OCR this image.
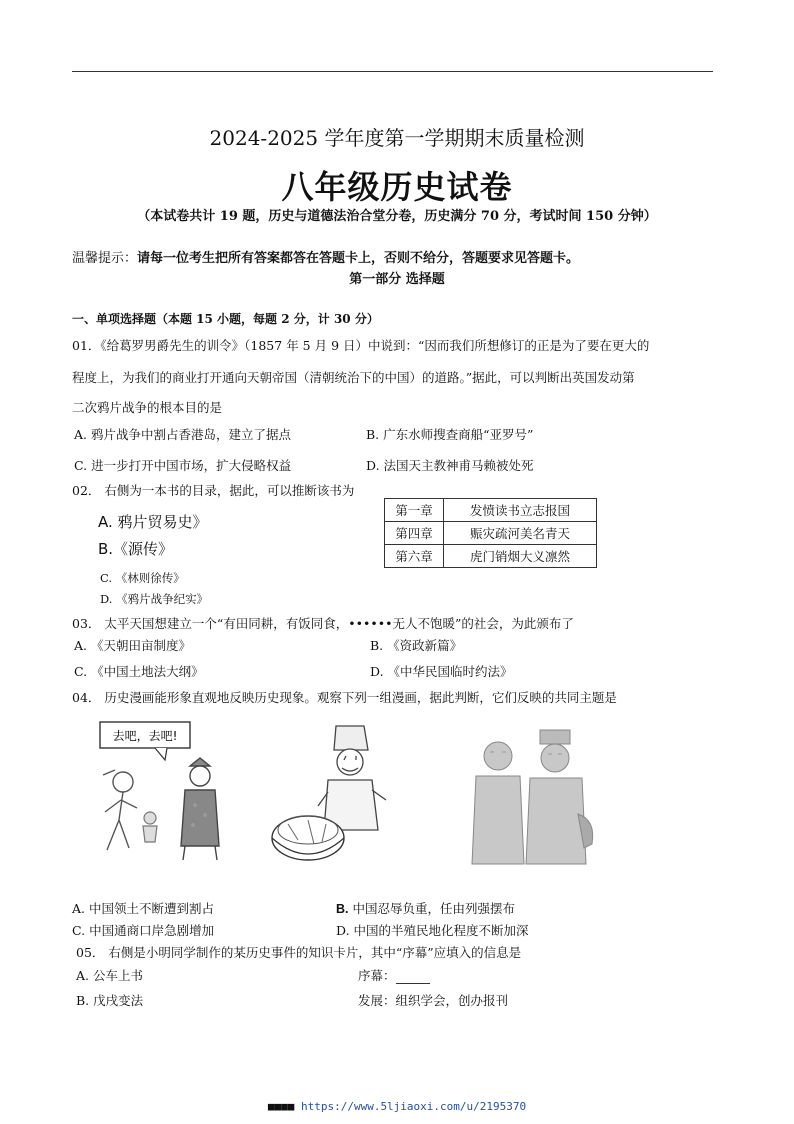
2024-2025 学年度第一学期期末质量检测
八年级历史试卷
（本试卷共计 19 题，历史与道德法治合堂分卷，历史满分 70 分，考试时间 150 分钟）
温馨提示：请每一位考生把所有答案都答在答题卡上，否则不给分，答题要求见答题卡。
第一部分 选择题
一、单项选择题（本题 15 小题，每题 2 分，计 30 分）
01．《给葛罗男爵先生的训令》（1857 年 5 月 9 日）中说到：“因而我们所想修订的正是为了要在更大的
程度上，为我们的商业打开通向天朝帝国（清朝统治下的中国）的道路。”据此，可以判断出英国发动第
二次鸦片战争的根本目的是
A. 鸦片战争中割占香港岛，建立了据点	B. 广东水师搜查商船“亚罗号”
C. 进一步打开中国市场，扩大侵略权益	D. 法国天主教神甫马赖被处死
02． 右侧为一本书的目录，据此，可以推断该书为
A. 鸦片贸易史》
B.《源传》
C. 《林则徐传》
D. 《鸦片战争纪实》
第一章	发愤读书立志报国
第四章	赈灾疏河美名青天
第六章	虎门销烟大义凛然
03． 太平天国想建立一个“有田同耕，有饭同食，••••••无人不饱暖”的社会，为此颁布了
A. 《天朝田亩制度》	B. 《资政新篇》
C. 《中国土地法大纲》	D. 《中华民国临时约法》
04． 历史漫画能形象直观地反映历史现象。观察下列一组漫画，据此判断，它们反映的共同主题是
去吧，去吧!
A. 中国领土不断遭到割占	B. 中国忍辱负重，任由列强摆布
C. 中国通商口岸急剧增加	D. 中国的半殖民地化程度不断加深
05． 右侧是小明同学制作的某历史事件的知识卡片，其中“序幕”应填入的信息是
A. 公车上书	序幕：
B. 戊戌变法	发展：组织学会，创办报刊
■■■■ https://www.5ljiaoxi.com/u/2195370
